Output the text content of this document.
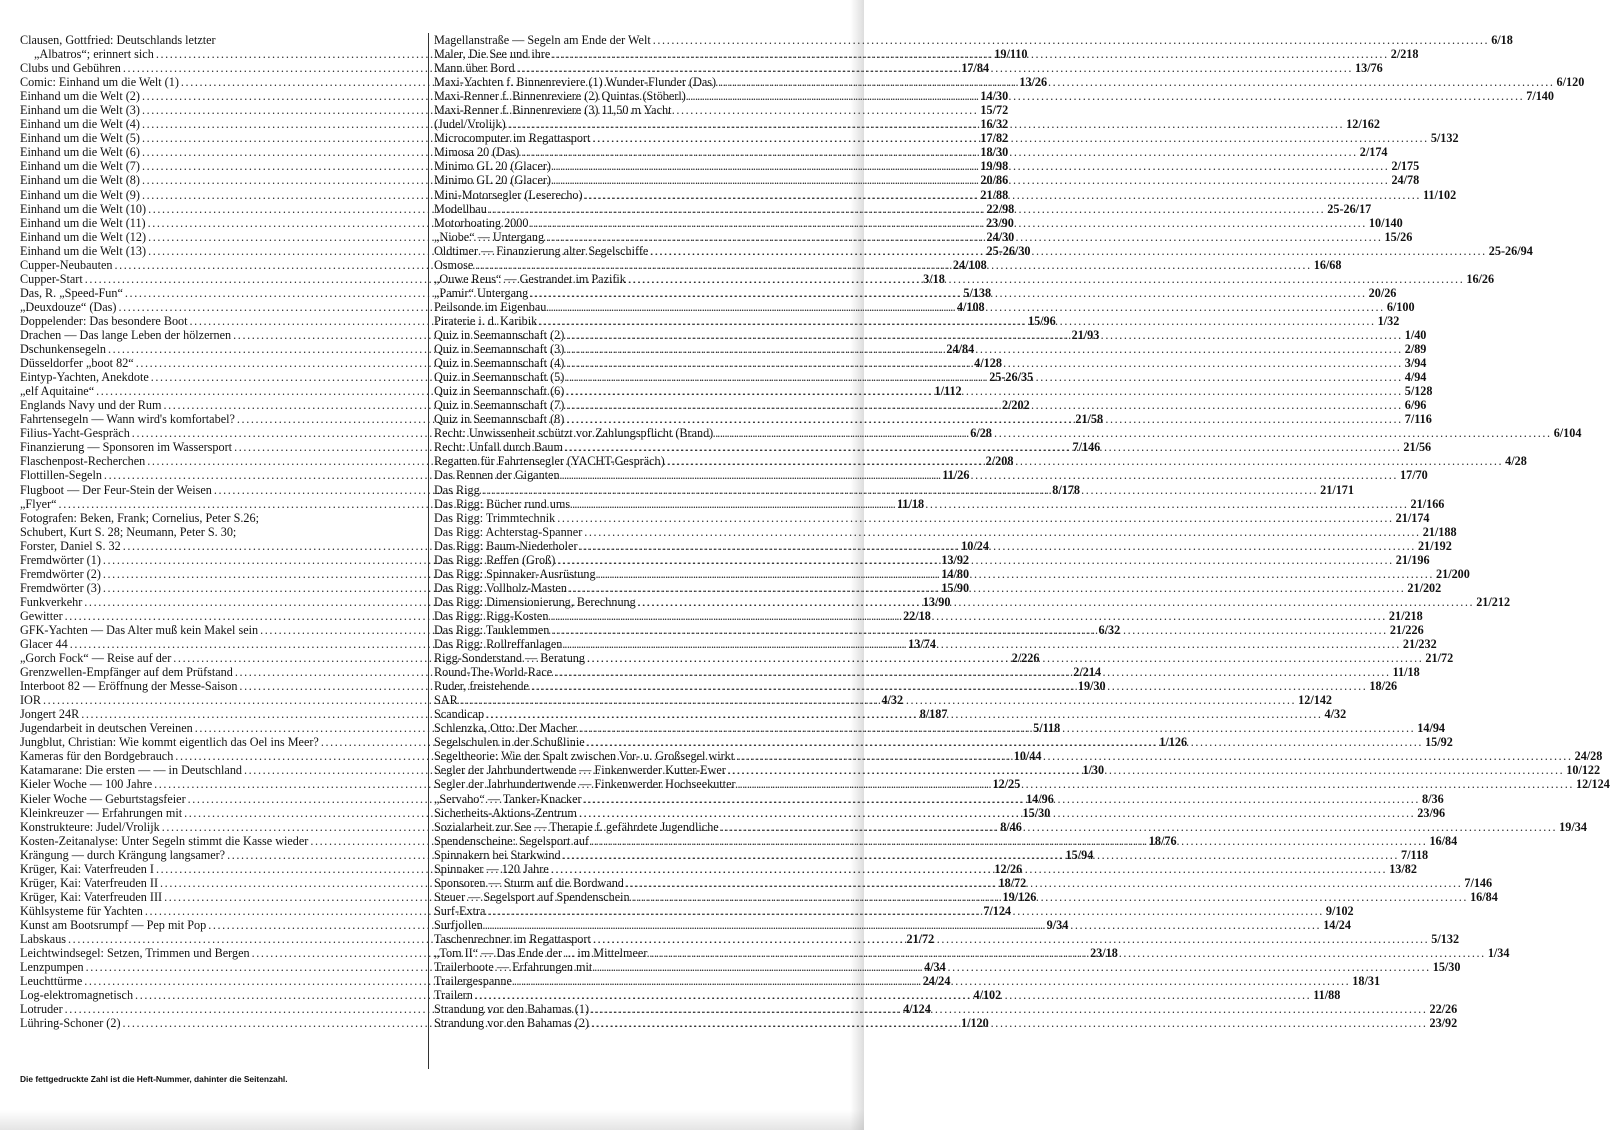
Clausen, Gottfried: Deutschlands letzter
„Albatros“; erinnert sich .....	19/110
Clubs und Gebühren .....	17/84
Comic: Einhand um die Welt (1) .....	13/26
Einhand um die Welt (2) .....	14/30
Einhand um die Welt (3) .....	15/72
Einhand um die Welt (4) .....	16/32
Einhand um die Welt (5) .....	17/82
Einhand um die Welt (6) .....	18/30
Einhand um die Welt (7) .....	19/98
Einhand um die Welt (8) .....	20/86
Einhand um die Welt (9) .....	21/88
Einhand um die Welt (10) .....	22/98
Einhand um die Welt (11) .....	23/90
Einhand um die Welt (12) .....	24/30
Einhand um die Welt (13) .....	25-26/30
Cupper-Neubauten .....	24/108
Cupper-Start .....	3/18
Das, R. „Speed-Fun“ .....	5/138
„Deuxdouze“ (Das) .....	4/108
Doppelender: Das besondere Boot .....	15/96
Drachen — Das lange Leben der hölzernen .....	21/93
Dschunkensegeln .....	24/84
Düsseldorfer „boot 82“ .....	4/128
Eintyp-Yachten, Anekdote .....	25-26/35
„elf Aquitaine“ .....	1/112
Englands Navy und der Rum .....	2/202
Fahrtensegeln — Wann wird's komfortabel? .....	21/58
Filius-Yacht-Gespräch .....	6/28
Finanzierung — Sponsoren im Wassersport .....	7/146
Flaschenpost-Recherchen .....	2/208
Flottillen-Segeln .....	11/26
Flugboot — Der Feur-Stein der Weisen .....	8/178
„Flyer“ .....	11/18
Fotografen: Beken, Frank; Cornelius, Peter S.26;
Schubert, Kurt S. 28; Neumann, Peter S. 30;
Forster, Daniel S. 32 .....	10/24
Fremdwörter (1) .....	13/92
Fremdwörter (2) .....	14/80
Fremdwörter (3) .....	15/90
Funkverkehr .....	13/90
Gewitter .....	22/18
GFK-Yachten — Das Alter muß kein Makel sein .....	6/32
Glacer 44 .....	13/74
„Gorch Fock“ — Reise auf der .....	2/226
Grenzwellen-Empfänger auf dem Prüfstand .....	2/214
Interboot 82 — Eröffnung der Messe-Saison .....	19/30
IOR .....	4/32
Jongert 24R .....	8/187
Jugendarbeit in deutschen Vereinen .....	5/118
Jungblut, Christian: Wie kommt eigentlich das Oel ins Meer? .....	1/126
Kameras für den Bordgebrauch .....	10/44
Katamarane: Die ersten — — in Deutschland .....	1/30
Kieler Woche — 100 Jahre .....	12/25
Kieler Woche — Geburtstagsfeier .....	14/96
Kleinkreuzer — Erfahrungen mit .....	15/30
Konstrukteure: Judel/Vrolijk .....	8/46
Kosten-Zeitanalyse: Unter Segeln stimmt die Kasse wieder .....	18/76
Krängung — durch Krängung langsamer? .....	15/94
Krüger, Kai: Vaterfreuden I .....	12/26
Krüger, Kai: Vaterfreuden II .....	18/72
Krüger, Kai: Vaterfreuden III .....	19/126
Kühlsysteme für Yachten .....	7/124
Kunst am Bootsrumpf — Pep mit Pop .....	9/34
Labskaus .....	21/72
Leichtwindsegel: Setzen, Trimmen und Bergen .....	23/18
Lenzpumpen .....	4/34
Leuchttürme .....	24/24
Log-elektromagnetisch .....	4/102
Lotruder .....	4/124
Lühring-Schoner (2) .....	1/120
Magellanstraße — Segeln am Ende der Welt .....	6/18
Maler, Die See und ihre .....	2/218
Mann über Bord .....	13/76
Maxi-Yachten f. Binnenreviere (1) Wunder-Flunder (Das) .....	6/120
Maxi-Renner f. Binnenreviere (2) Quintas (Stöberl) .....	7/140
Maxi-Renner f. Binnenreviere (3) 11,50 m Yacht
(Judel/Vrolijk) .....	12/162
Microcomputer im Regattasport .....	5/132
Mimosa 20 (Das) .....	2/174
Minimo GL 20 (Glacer) .....	2/175
Minimo GL 20 (Glacer) .....	24/78
Mini-Motorsegler (Leserecho) .....	11/102
Modellbau .....	25-26/17
Motorboating 2000 .....	10/140
„Niobe“ — Untergang .....	15/26
Oldtimer — Finanzierung alter Segelschiffe .....	25-26/94
Osmose .....	16/68
„Ouwe Reus“ — Gestrandet im Pazifik .....	16/26
„Pamir“ Untergang .....	20/26
Peilsonde im Eigenbau .....	6/100
Piraterie i. d. Karibik .....	1/32
Quiz in Seemannschaft (2) .....	1/40
Quiz in Seemannschaft (3) .....	2/89
Quiz in Seemannschaft (4) .....	3/94
Quiz in Seemannschaft (5) .....	4/94
Quiz in Seemannschaft (6) .....	5/128
Quiz in Seemannschaft (7) .....	6/96
Quiz in Seemannschaft (8) .....	7/116
Recht: Unwissenheit schützt vor Zahlungspflicht (Brand) .....	6/104
Recht: Unfall durch Baum .....	21/56
Regatten für Fahrtensegler (YACHT-Gespräch) .....	4/28
Das Rennen der Giganten .....	17/70
Das Rigg .....	21/171
Das Rigg: Bücher rund ums .....	21/166
Das Rigg: Trimmtechnik .....	21/174
Das Rigg: Achterstag-Spanner .....	21/188
Das Rigg: Baum-Niederholer .....	21/192
Das Rigg: Reffen (Groß) .....	21/196
Das Rigg: Spinnaker-Ausrüstung .....	21/200
Das Rigg: Vollholz-Masten .....	21/202
Das Rigg: Dimensionierung, Berechnung .....	21/212
Das Rigg: Rigg-Kosten .....	21/218
Das Rigg: Tauklemmen .....	21/226
Das Rigg: Rollreffanlagen .....	21/232
Rigg-Sonderstand — Beratung .....	21/72
Round-The-World-Race .....	11/18
Ruder, freistehende .....	18/26
SAR .....	12/142
Scandicap .....	4/32
Schlenzka, Otto: Der Macher .....	14/94
Segelschulen in der Schußlinie .....	15/92
Segeltheorie: Wie der Spalt zwischen Vor- u. Großsegel wirkt .....	24/28
Segler der Jahrhundertwende — Finkenwerder Kutter-Ewer .....	10/122
Segler der Jahrhundertwende — Finkenwerder Hochseekutter .....	12/124
„Servabo“ — Tanker-Knacker .....	8/36
Sicherheits-Aktions-Zentrum .....	23/96
Sozialarbeit zur See — Therapie f. gefährdete Jugendliche .....	19/34
Spendenscheine: Segelsport auf .....	16/84
Spinnakern bei Starkwind .....	7/118
Spinnaker — 120 Jahre .....	13/82
Sponsoren — Sturm auf die Bordwand .....	7/146
Steuer — Segelsport auf Spendenschein .....	16/84
Surf-Extra .....	9/102
Surfjollen .....	14/24
Taschenrechner im Regattasport .....	5/132
„Tom II“ — Das Ende der ... im Mittelmeer .....	1/34
Trailerboote — Erfahrungen mit .....	15/30
Trailergespanne .....	18/31
Trailern .....	11/88
Strandung vor den Bahamas (1) .....	22/26
Strandung vor den Bahamas (2) .....	23/92
Die fettgedruckte Zahl ist die Heft-Nummer, dahinter die Seitenzahl.
